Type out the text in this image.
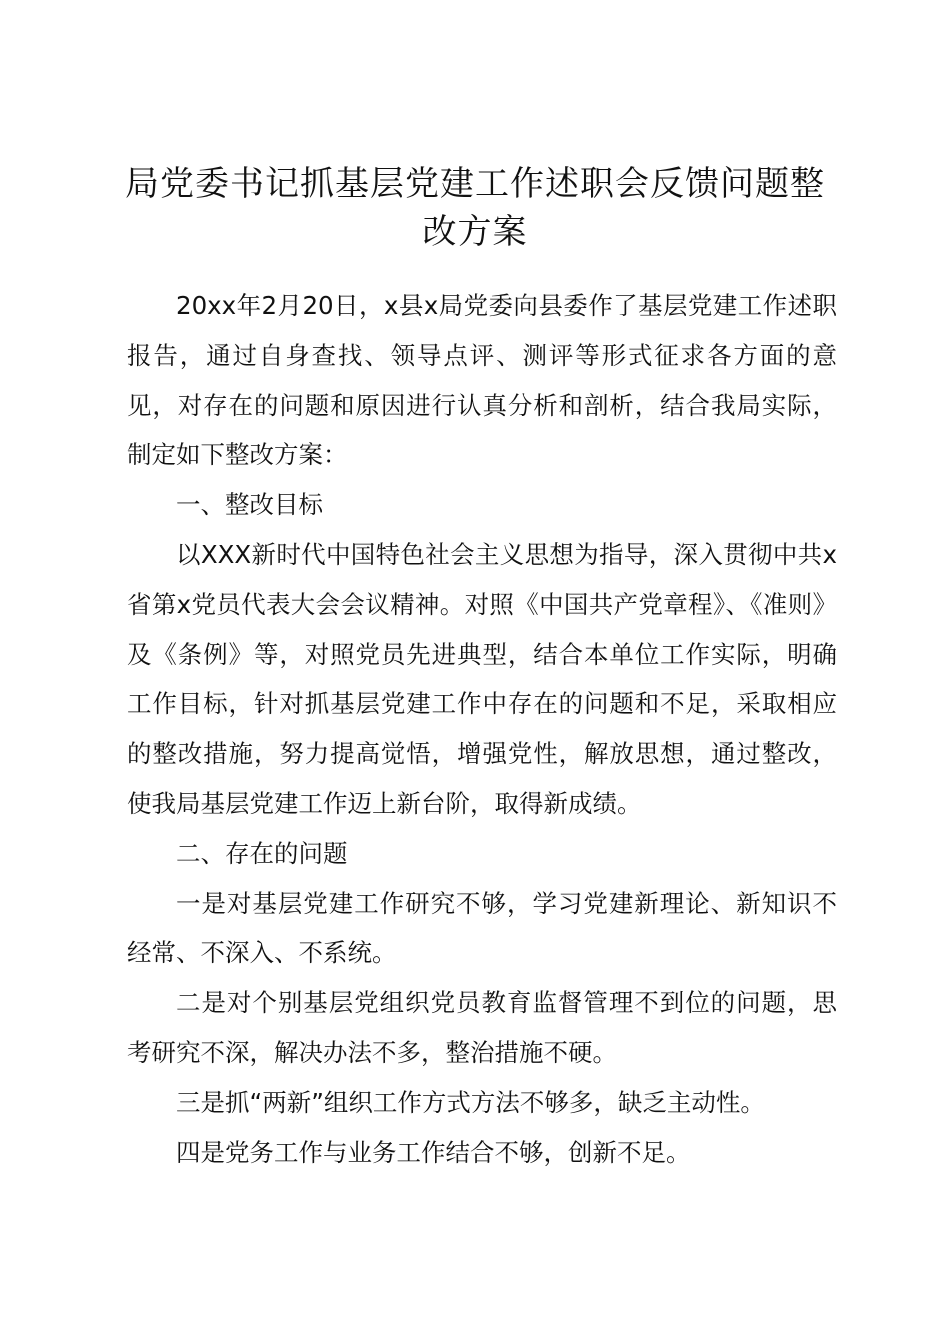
局党委书记抓基层党建工作述职会反馈问题整改方案

20xx年2月20日，x县x局党委向县委作了基层党建工作述职报告，通过自身查找、领导点评、测评等形式征求各方面的意见，对存在的问题和原因进行认真分析和剖析，结合我局实际，制定如下整改方案：

一、整改目标

以XXX新时代中国特色社会主义思想为指导，深入贯彻中共x省第x党员代表大会会议精神。对照《中国共产党章程》、《准则》及《条例》等，对照党员先进典型，结合本单位工作实际，明确工作目标，针对抓基层党建工作中存在的问题和不足，采取相应的整改措施，努力提高觉悟，增强党性，解放思想，通过整改，使我局基层党建工作迈上新台阶，取得新成绩。

二、存在的问题

一是对基层党建工作研究不够，学习党建新理论、新知识不经常、不深入、不系统。

二是对个别基层党组织党员教育监督管理不到位的问题，思考研究不深，解决办法不多，整治措施不硬。

三是抓“两新”组织工作方式方法不够多，缺乏主动性。

四是党务工作与业务工作结合不够，创新不足。
